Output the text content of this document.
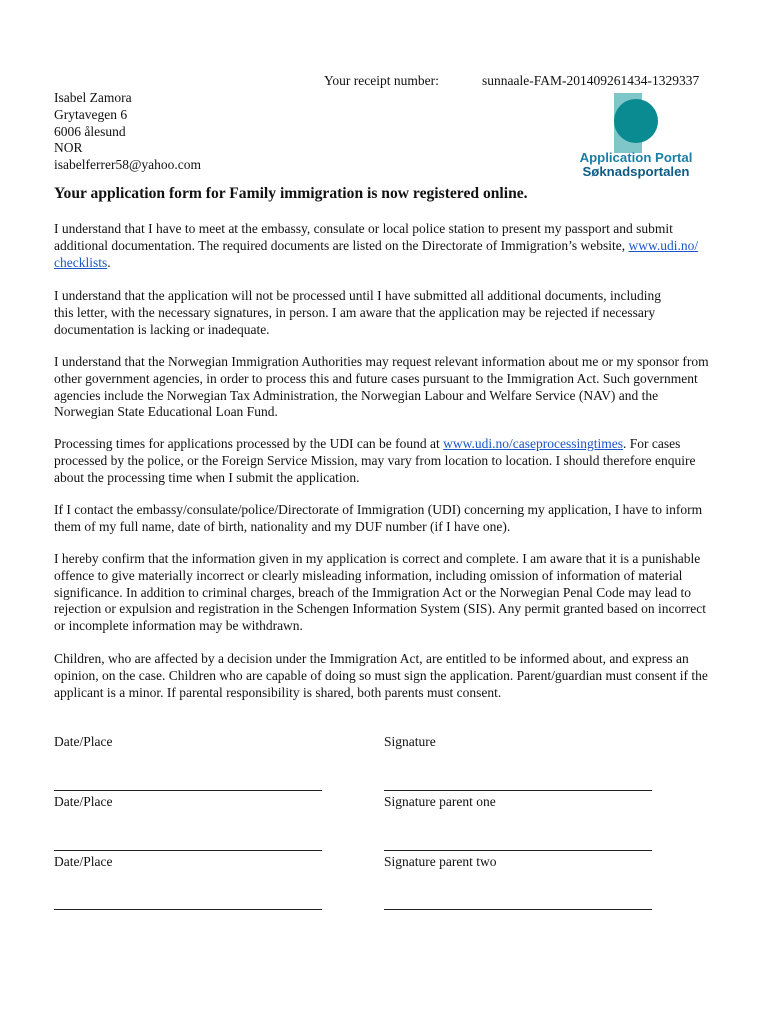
Your receipt number:	sunnaale-FAM-201409261434-1329337
Isabel Zamora
Grytavegen 6
6006 ålesund
NOR
isabelferrer58@yahoo.com	Application Portal
Søknadsportalen
Your application form for Family immigration is now registered online.

I understand that I have to meet at the embassy, consulate or local police station to present my passport and submit additional documentation. The required documents are listed on the Directorate of Immigration’s website, www.udi.no/
checklists.

I understand that the application will not be processed until I have submitted all additional documents, including this letter, with the necessary signatures, in person. I am aware that the application may be rejected if necessary documentation is lacking or inadequate.

I understand that the Norwegian Immigration Authorities may request relevant information about me or my sponsor from other government agencies, in order to process this and future cases pursuant to the Immigration Act. Such government agencies include the Norwegian Tax Administration, the Norwegian Labour and Welfare Service (NAV) and the Norwegian State Educational Loan Fund.

Processing times for applications processed by the UDI can be found at www.udi.no/caseprocessingtimes. For cases processed by the police, or the Foreign Service Mission, may vary from location to location. I should therefore enquire about the processing time when I submit the application.

If I contact the embassy/consulate/police/Directorate of Immigration (UDI) concerning my application, I have to inform them of my full name, date of birth, nationality and my DUF number (if I have one).

I hereby confirm that the information given in my application is correct and complete. I am aware that it is a punishable offence to give materially incorrect or clearly misleading information, including omission of information of material significance. In addition to criminal charges, breach of the Immigration Act or the Norwegian Penal Code may lead to rejection or expulsion and registration in the Schengen Information System (SIS). Any permit granted based on incorrect or incomplete information may be withdrawn.

Children, who are affected by a decision under the Immigration Act, are entitled to be informed about, and express an opinion, on the case. Children who are capable of doing so must sign the application. Parent/guardian must consent if the applicant is a minor. If parental responsibility is shared, both parents must consent.

Date/Place	Signature
Date/Place	Signature parent one
Date/Place	Signature parent two
